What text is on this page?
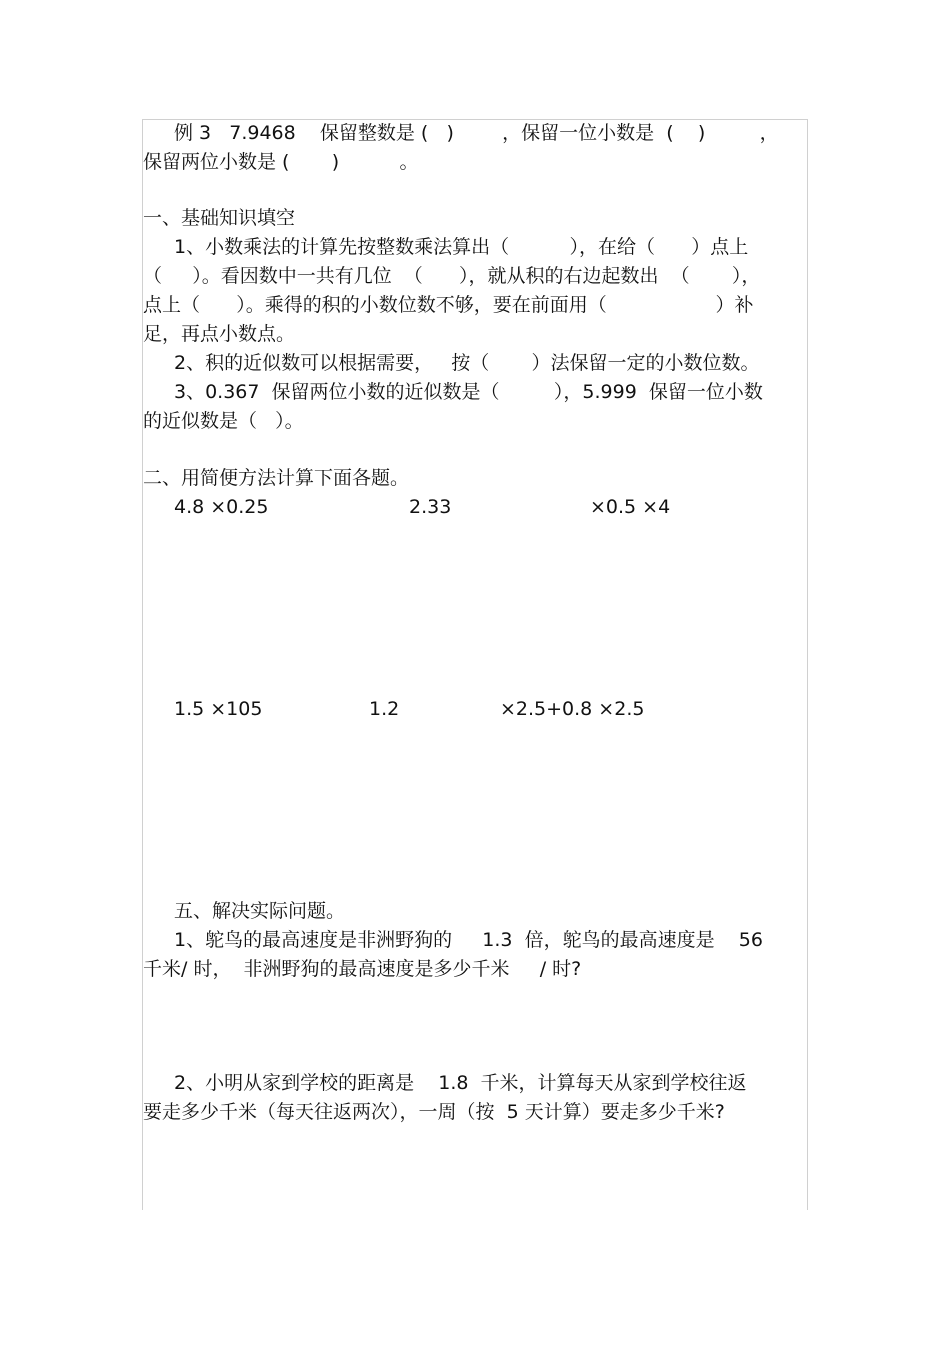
例 3   7.9468    保留整数是 (   )        ，保留一位小数是  (    )         ，
保留两位小数是 (       )          。
一、基础知识填空
1、小数乘法的计算先按整数乘法算出（          ），在给（      ）点上
（     ）。看因数中一共有几位  （      ），就从积的右边起数出  （       ），
点上（      ）。乘得的积的小数位数不够，要在前面用（                  ）补
足，再点小数点。
2、积的近似数可以根据需要，   按（       ）法保留一定的小数位数。
3、0.367  保留两位小数的近似数是（         ），5.999  保留一位小数
的近似数是（   ）。
二、用简便方法计算下面各题。
4.8 ×0.25	2.33	×0.5 ×4
1.5 ×105	1.2	×2.5+0.8 ×2.5
五、解决实际问题。
1、鸵鸟的最高速度是非洲野狗的     1.3  倍，鸵鸟的最高速度是    56
千米/ 时，  非洲野狗的最高速度是多少千米     / 时?
2、小明从家到学校的距离是    1.8  千米，计算每天从家到学校往返
要走多少千米（每天往返两次），一周（按  5 天计算）要走多少千米?
